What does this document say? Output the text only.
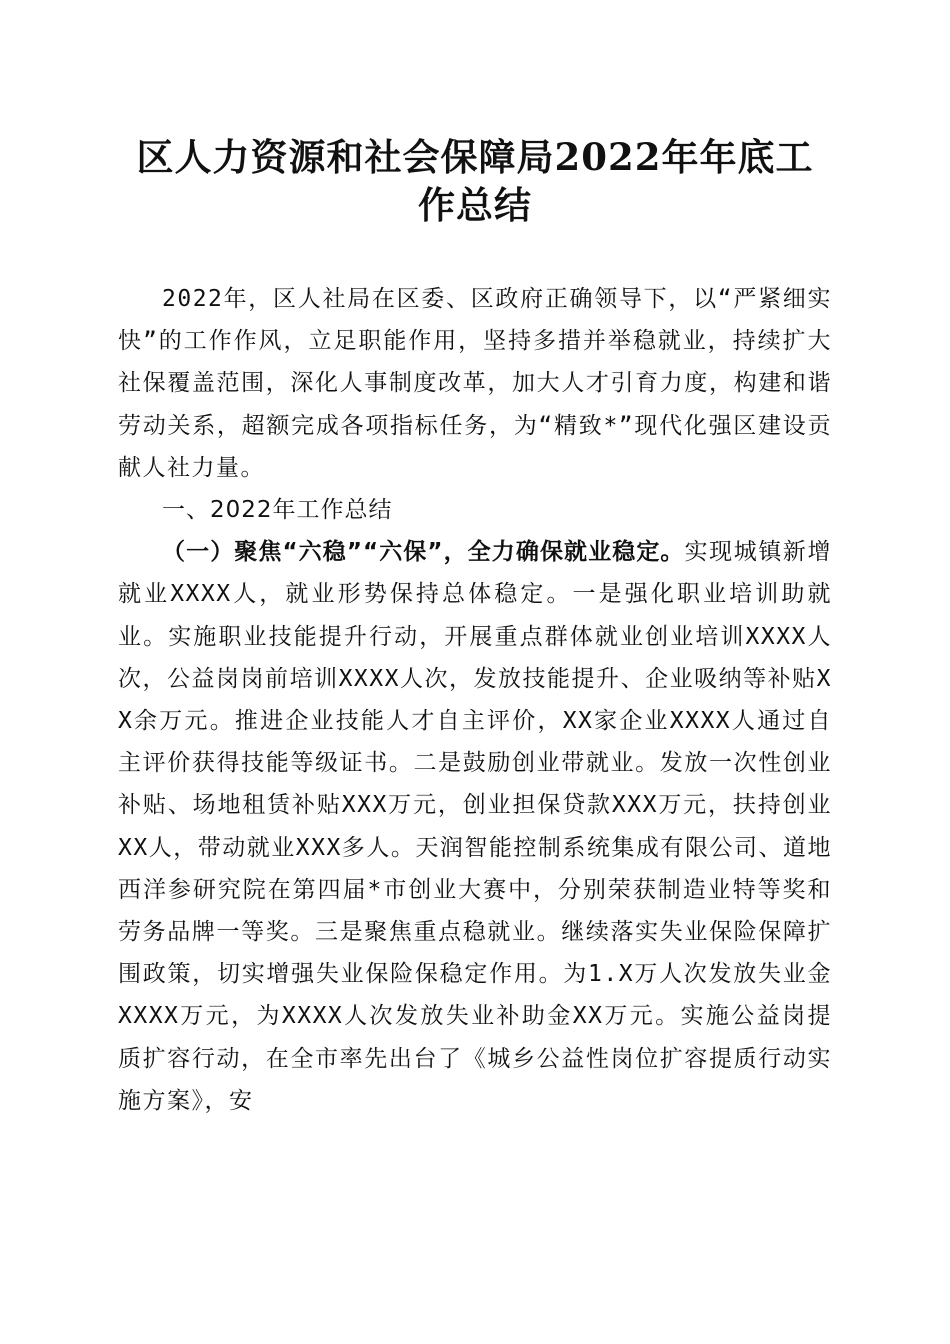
区人力资源和社会保障局2022年年底工作总结

2022年，区人社局在区委、区政府正确领导下，以“严紧细实快”的工作作风，立足职能作用，坚持多措并举稳就业，持续扩大社保覆盖范围，深化人事制度改革，加大人才引育力度，构建和谐劳动关系，超额完成各项指标任务，为“精致*”现代化强区建设贡献人社力量。

一、2022年工作总结

（一）聚焦“六稳”“六保”，全力确保就业稳定。实现城镇新增就业XXXX人，就业形势保持总体稳定。一是强化职业培训助就业。实施职业技能提升行动，开展重点群体就业创业培训XXXX人次，公益岗岗前培训XXXX人次，发放技能提升、企业吸纳等补贴XX余万元。推进企业技能人才自主评价，XX家企业XXXX人通过自主评价获得技能等级证书。二是鼓励创业带就业。发放一次性创业补贴、场地租赁补贴XXX万元，创业担保贷款XXX万元，扶持创业XX人，带动就业XXX多人。天润智能控制系统集成有限公司、道地西洋参研究院在第四届*市创业大赛中，分别荣获制造业特等奖和劳务品牌一等奖。三是聚焦重点稳就业。继续落实失业保险保障扩围政策，切实增强失业保险保稳定作用。为1.X万人次发放失业金XXXX万元，为XXXX人次发放失业补助金XX万元。实施公益岗提质扩容行动，在全市率先出台了《城乡公益性岗位扩容提质行动实施方案》，安
